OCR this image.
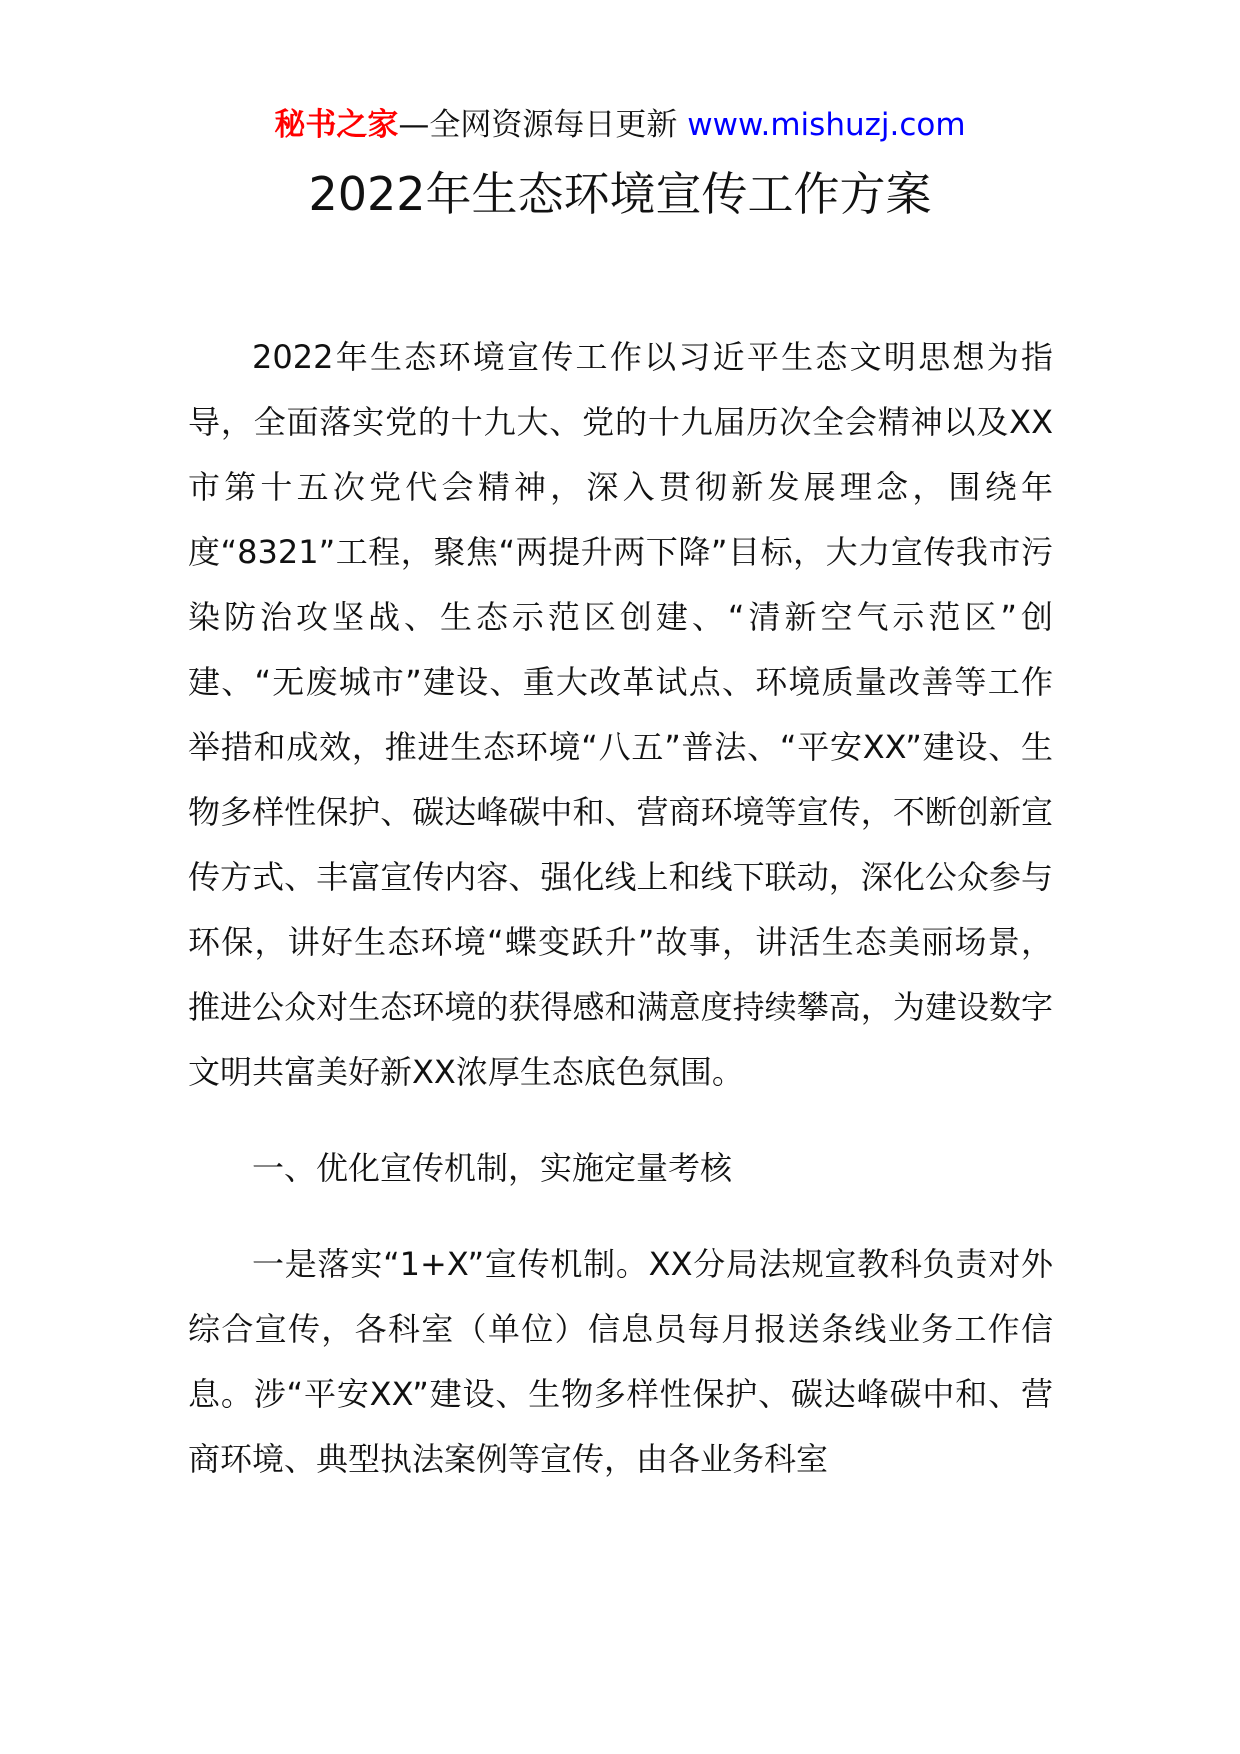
秘书之家—全网资源每日更新 www.mishuzj.com
2022年生态环境宣传工作方案

2022年生态环境宣传工作以习近平生态文明思想为指导，全面落实党的十九大、党的十九届历次全会精神以及XX市第十五次党代会精神，深入贯彻新发展理念，围绕年度“8321”工程，聚焦“两提升两下降”目标，大力宣传我市污染防治攻坚战、生态示范区创建、“清新空气示范区”创建、“无废城市”建设、重大改革试点、环境质量改善等工作举措和成效，推进生态环境“八五”普法、“平安XX”建设、生物多样性保护、碳达峰碳中和、营商环境等宣传，不断创新宣传方式、丰富宣传内容、强化线上和线下联动，深化公众参与环保，讲好生态环境“蝶变跃升”故事，讲活生态美丽场景，推进公众对生态环境的获得感和满意度持续攀高，为建设数字文明共富美好新XX浓厚生态底色氛围。

一、优化宣传机制，实施定量考核

一是落实“1+X”宣传机制。XX分局法规宣教科负责对外综合宣传，各科室（单位）信息员每月报送条线业务工作信息。涉“平安XX”建设、生物多样性保护、碳达峰碳中和、营商环境、典型执法案例等宣传，由各业务科室
